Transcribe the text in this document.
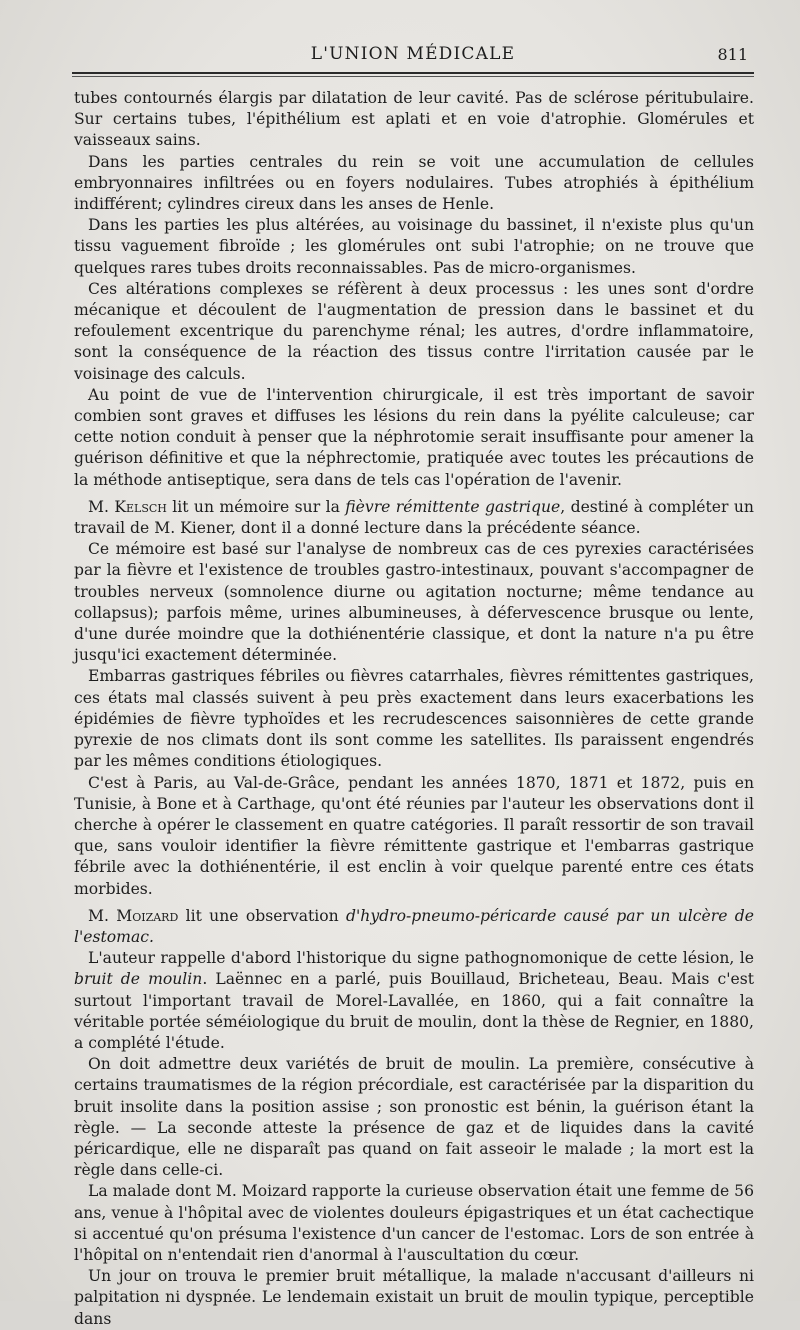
L'UNION MÉDICALE	811

tubes contournés élargis par dilatation de leur cavité. Pas de sclérose péritubulaire. Sur certains tubes, l'épithélium est aplati et en voie d'atrophie. Glomérules et vaisseaux sains.

Dans les parties centrales du rein se voit une accumulation de cellules embryonnaires infiltrées ou en foyers nodulaires. Tubes atrophiés à épithélium indifférent; cylindres cireux dans les anses de Henle.

Dans les parties les plus altérées, au voisinage du bassinet, il n'existe plus qu'un tissu vaguement fibroïde ; les glomérules ont subi l'atrophie; on ne trouve que quelques rares tubes droits reconnaissables. Pas de micro-organismes.

Ces altérations complexes se réfèrent à deux processus : les unes sont d'ordre mécanique et découlent de l'augmentation de pression dans le bassinet et du refoulement excentrique du parenchyme rénal; les autres, d'ordre inflammatoire, sont la conséquence de la réaction des tissus contre l'irritation causée par le voisinage des calculs.

Au point de vue de l'intervention chirurgicale, il est très important de savoir combien sont graves et diffuses les lésions du rein dans la pyélite calculeuse; car cette notion conduit à penser que la néphrotomie serait insuffisante pour amener la guérison définitive et que la néphrectomie, pratiquée avec toutes les précautions de la méthode antiseptique, sera dans de tels cas l'opération de l'avenir.

M. Kelsch lit un mémoire sur la fièvre rémittente gastrique, destiné à compléter un travail de M. Kiener, dont il a donné lecture dans la précédente séance.

Ce mémoire est basé sur l'analyse de nombreux cas de ces pyrexies caractérisées par la fièvre et l'existence de troubles gastro-intestinaux, pouvant s'accompagner de troubles nerveux (somnolence diurne ou agitation nocturne; même tendance au collapsus); parfois même, urines albumineuses, à défervescence brusque ou lente, d'une durée moindre que la dothiénentérie classique, et dont la nature n'a pu être jusqu'ici exactement déterminée.

Embarras gastriques fébriles ou fièvres catarrhales, fièvres rémittentes gastriques, ces états mal classés suivent à peu près exactement dans leurs exacerbations les épidémies de fièvre typhoïdes et les recrudescences saisonnières de cette grande pyrexie de nos climats dont ils sont comme les satellites. Ils paraissent engendrés par les mêmes conditions étiologiques.

C'est à Paris, au Val-de-Grâce, pendant les années 1870, 1871 et 1872, puis en Tunisie, à Bone et à Carthage, qu'ont été réunies par l'auteur les observations dont il cherche à opérer le classement en quatre catégories. Il paraît ressortir de son travail que, sans vouloir identifier la fièvre rémittente gastrique et l'embarras gastrique fébrile avec la dothiénentérie, il est enclin à voir quelque parenté entre ces états morbides.

M. Moizard lit une observation d'hydro-pneumo-péricarde causé par un ulcère de l'estomac.

L'auteur rappelle d'abord l'historique du signe pathognomonique de cette lésion, le bruit de moulin. Laënnec en a parlé, puis Bouillaud, Bricheteau, Beau. Mais c'est surtout l'important travail de Morel-Lavallée, en 1860, qui a fait connaître la véritable portée séméiologique du bruit de moulin, dont la thèse de Regnier, en 1880, a complété l'étude.

On doit admettre deux variétés de bruit de moulin. La première, consécutive à certains traumatismes de la région précordiale, est caractérisée par la disparition du bruit insolite dans la position assise ; son pronostic est bénin, la guérison étant la règle. — La seconde atteste la présence de gaz et de liquides dans la cavité péricardique, elle ne disparaît pas quand on fait asseoir le malade ; la mort est la règle dans celle-ci.

La malade dont M. Moizard rapporte la curieuse observation était une femme de 56 ans, venue à l'hôpital avec de violentes douleurs épigastriques et un état cachectique si accentué qu'on présuma l'existence d'un cancer de l'estomac. Lors de son entrée à l'hôpital on n'entendait rien d'anormal à l'auscultation du cœur.

Un jour on trouva le premier bruit métallique, la malade n'accusant d'ailleurs ni palpitation ni dyspnée. Le lendemain existait un bruit de moulin typique, perceptible dans
